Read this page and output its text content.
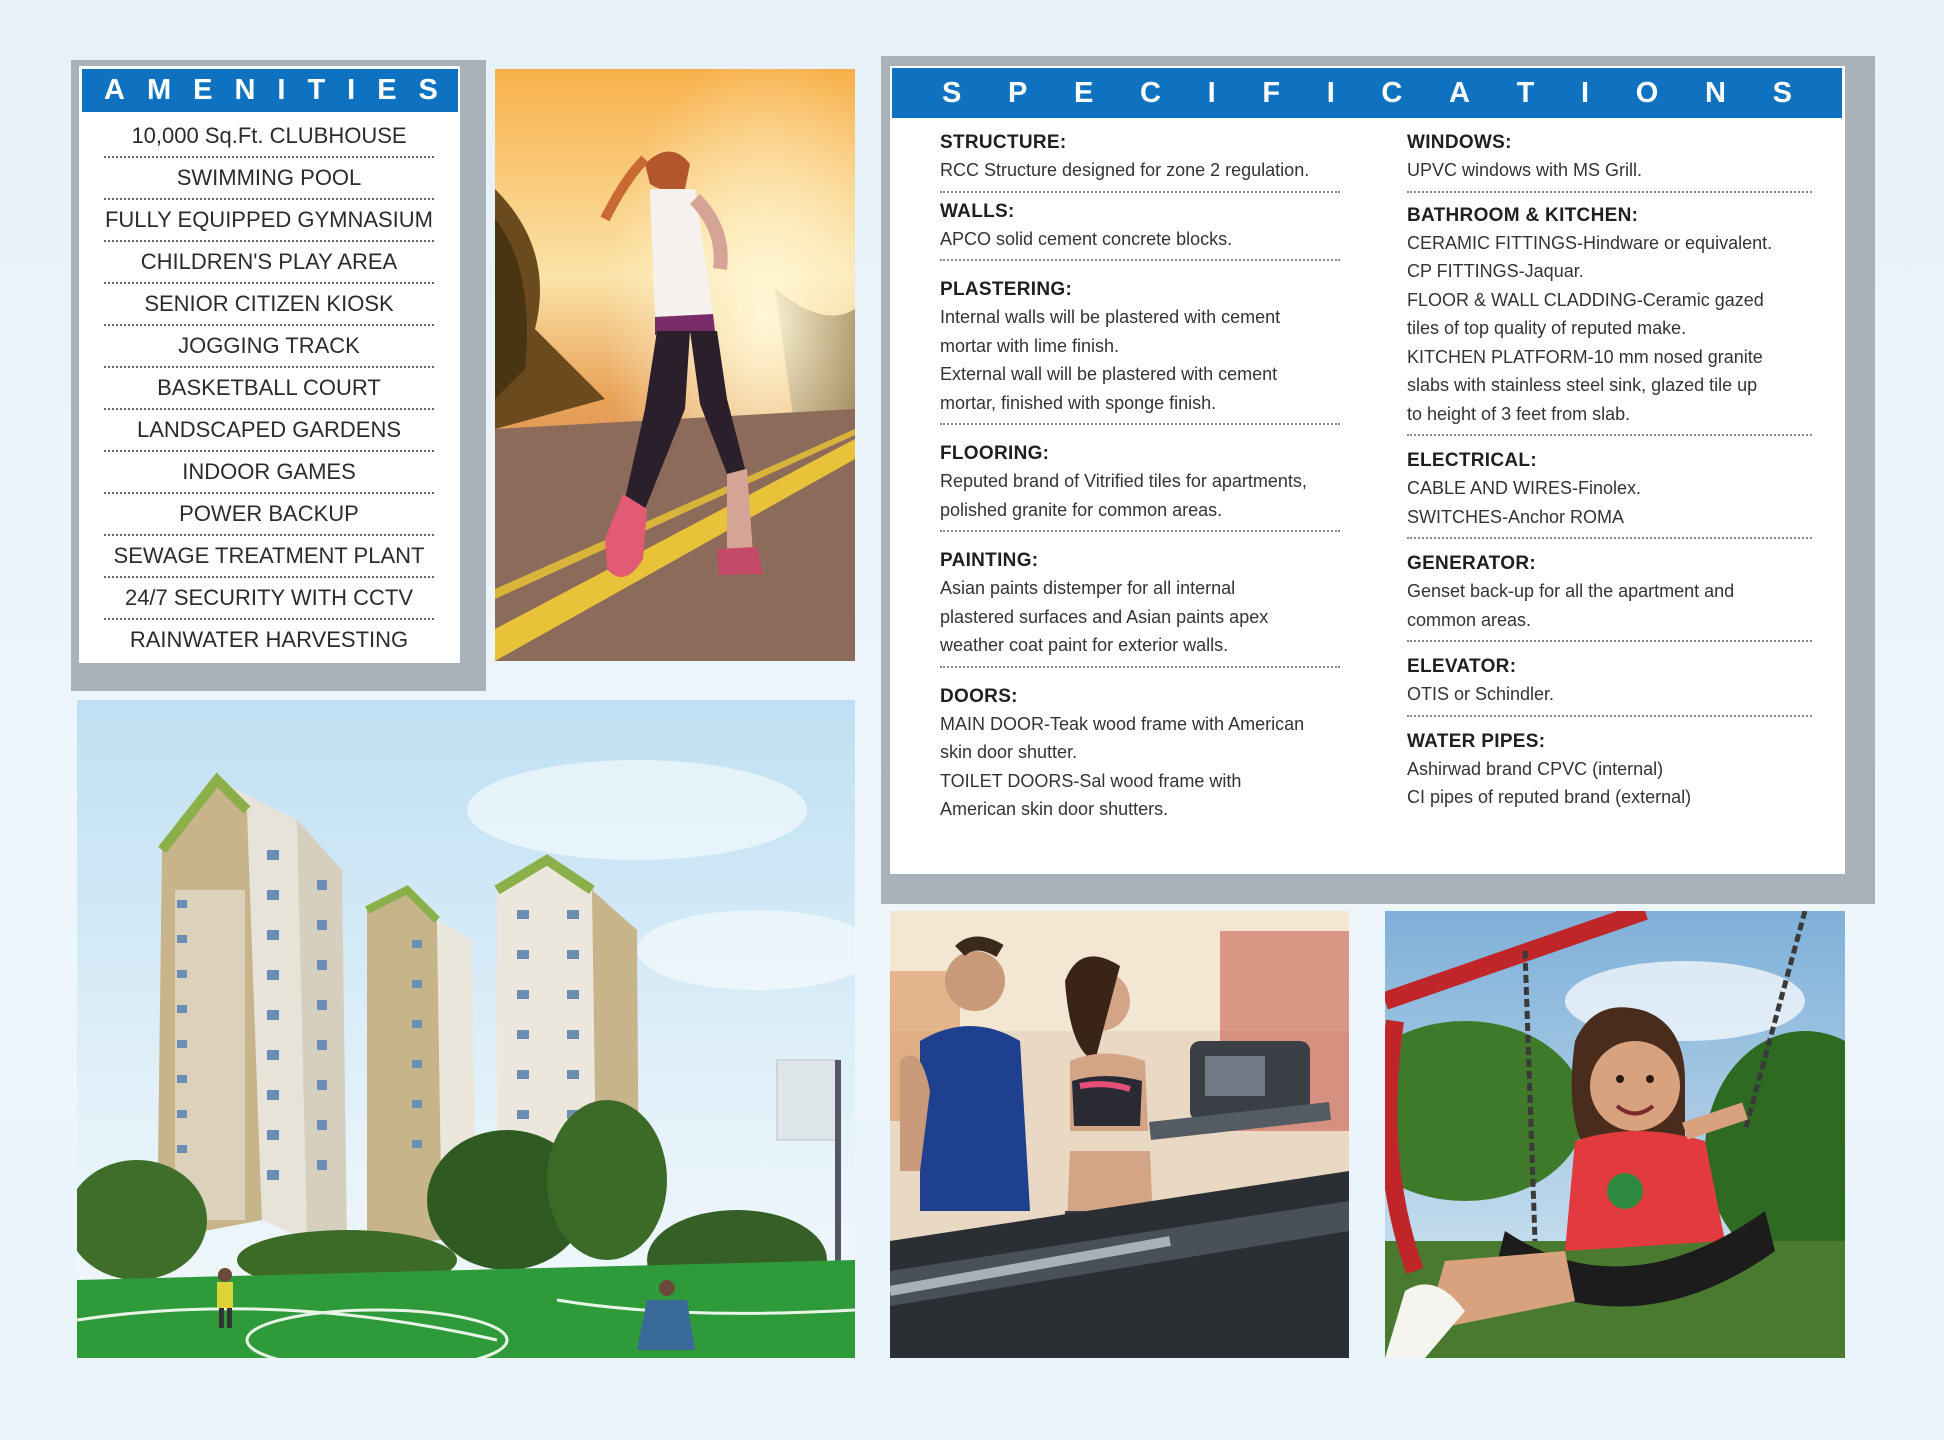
AMENITIES
10,000 Sq.Ft. CLUBHOUSE
SWIMMING POOL
FULLY EQUIPPED GYMNASIUM
CHILDREN'S PLAY AREA
SENIOR CITIZEN KIOSK
JOGGING TRACK
BASKETBALL COURT
LANDSCAPED GARDENS
INDOOR GAMES
POWER BACKUP
SEWAGE TREATMENT PLANT
24/7 SECURITY WITH CCTV
RAINWATER HARVESTING
S P E C I F I C A T I O N S
STRUCTURE:
RCC Structure designed for zone 2 regulation.
WALLS:
APCO solid cement concrete blocks.
PLASTERING:
Internal walls will be plastered with cement
mortar with lime finish.
External wall will be plastered with cement
mortar, finished with sponge finish.
FLOORING:
Reputed brand of Vitrified tiles for apartments,
polished granite for common areas.
PAINTING:
Asian paints distemper for all internal
plastered surfaces and Asian paints apex
weather coat paint for exterior walls.
DOORS:
MAIN DOOR-Teak wood frame with American
skin door shutter.
TOILET DOORS-Sal wood frame with
American skin door shutters.
WINDOWS:
UPVC windows with MS Grill.
BATHROOM & KITCHEN:
CERAMIC FITTINGS-Hindware or equivalent.
CP FITTINGS-Jaquar.
FLOOR & WALL CLADDING-Ceramic gazed
tiles of top quality of reputed make.
KITCHEN PLATFORM-10 mm nosed granite
slabs with stainless steel sink, glazed tile up
to height of 3 feet from slab.
ELECTRICAL:
CABLE AND WIRES-Finolex.
SWITCHES-Anchor ROMA
GENERATOR:
Genset back-up for all the apartment and
common areas.
ELEVATOR:
OTIS or Schindler.
WATER PIPES:
Ashirwad brand CPVC (internal)
CI pipes of reputed brand (external)
